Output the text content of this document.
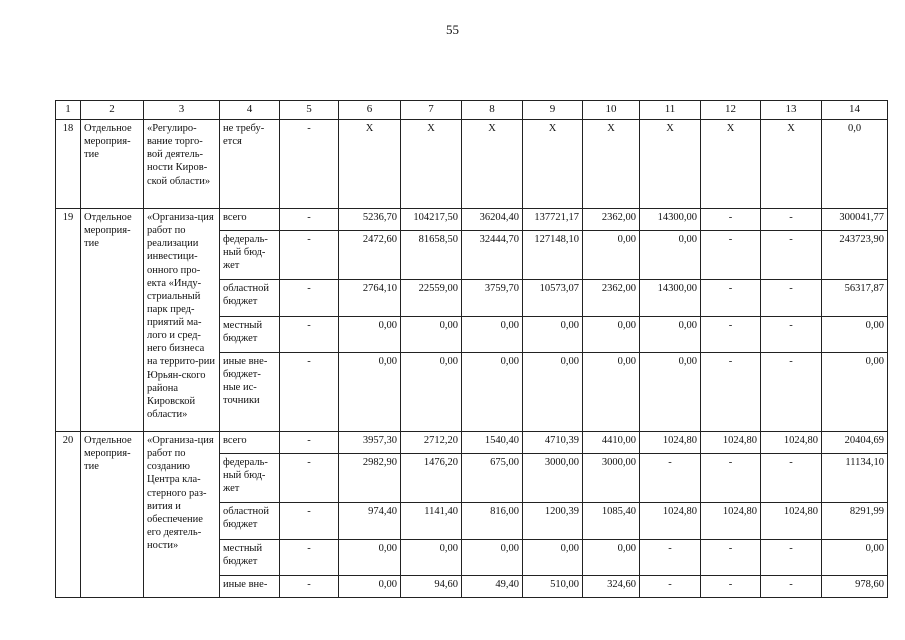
55
1	2	3	4	5	6	7	8	9	10	11	12	13	14
18	Отдельное мероприя-тие	«Регулиро-вание торго-вой деятель-ности Киров-ской области»	не требу-ется	-	X	X	X	X	X	X	X	X	0,0
19	Отдельное мероприя-тие	«Организа-ция работ по реализации инвестици-онного про-екта «Инду-стриальный парк пред-приятий ма-лого и сред-него бизнеса на террито-рии Юрьян-ского района Кировской области»	всего	-	5236,70	104217,50	36204,40	137721,17	2362,00	14300,00	-	-	300041,77
			федераль-ный бюд-жет	-	2472,60	81658,50	32444,70	127148,10	0,00	0,00	-	-	243723,90
			областной бюджет	-	2764,10	22559,00	3759,70	10573,07	2362,00	14300,00	-	-	56317,87
			местный бюджет	-	0,00	0,00	0,00	0,00	0,00	0,00	-	-	0,00
			иные вне-бюджет-ные ис-точники	-	0,00	0,00	0,00	0,00	0,00	0,00	-	-	0,00
20	Отдельное мероприя-тие	«Организа-ция работ по созданию Центра кла-стерного раз-вития и обеспечение его деятель-ности»	всего	-	3957,30	2712,20	1540,40	4710,39	4410,00	1024,80	1024,80	1024,80	20404,69
			федераль-ный бюд-жет	-	2982,90	1476,20	675,00	3000,00	3000,00	-	-	-	11134,10
			областной бюджет	-	974,40	1141,40	816,00	1200,39	1085,40	1024,80	1024,80	1024,80	8291,99
			местный бюджет	-	0,00	0,00	0,00	0,00	0,00	-	-	-	0,00
			иные вне-	-	0,00	94,60	49,40	510,00	324,60	-	-	-	978,60
